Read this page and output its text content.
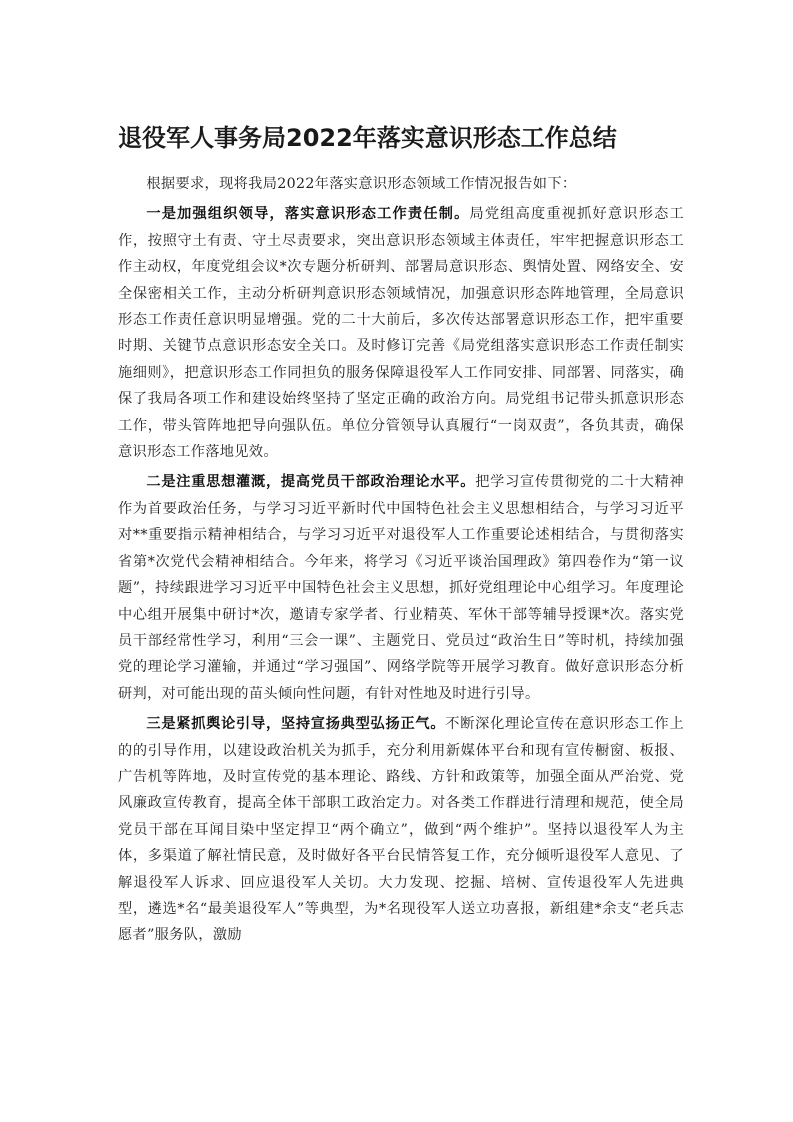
退役军人事务局2022年落实意识形态工作总结

根据要求，现将我局2022年落实意识形态领域工作情况报告如下：

一是加强组织领导，落实意识形态工作责任制。局党组高度重视抓好意识形态工作，按照守土有责、守土尽责要求，突出意识形态领域主体责任，牢牢把握意识形态工作主动权，年度党组会议*次专题分析研判、部署局意识形态、舆情处置、网络安全、安全保密相关工作，主动分析研判意识形态领域情况，加强意识形态阵地管理，全局意识形态工作责任意识明显增强。党的二十大前后，多次传达部署意识形态工作，把牢重要时期、关键节点意识形态安全关口。及时修订完善《局党组落实意识形态工作责任制实施细则》，把意识形态工作同担负的服务保障退役军人工作同安排、同部署、同落实，确保了我局各项工作和建设始终坚持了坚定正确的政治方向。局党组书记带头抓意识形态工作，带头管阵地把导向强队伍。单位分管领导认真履行“一岗双责”，各负其责，确保意识形态工作落地见效。

二是注重思想灌溉，提高党员干部政治理论水平。把学习宣传贯彻党的二十大精神作为首要政治任务，与学习习近平新时代中国特色社会主义思想相结合，与学习习近平对**重要指示精神相结合，与学习习近平对退役军人工作重要论述相结合，与贯彻落实省第*次党代会精神相结合。今年来，将学习《习近平谈治国理政》第四卷作为“第一议题”，持续跟进学习习近平中国特色社会主义思想，抓好党组理论中心组学习。年度理论中心组开展集中研讨*次，邀请专家学者、行业精英、军休干部等辅导授课*次。落实党员干部经常性学习，利用“三会一课”、主题党日、党员过“政治生日”等时机，持续加强党的理论学习灌输，并通过“学习强国”、网络学院等开展学习教育。做好意识形态分析研判，对可能出现的苗头倾向性问题，有针对性地及时进行引导。

三是紧抓舆论引导，坚持宣扬典型弘扬正气。不断深化理论宣传在意识形态工作上的的引导作用，以建设政治机关为抓手，充分利用新媒体平台和现有宣传橱窗、板报、广告机等阵地，及时宣传党的基本理论、路线、方针和政策等，加强全面从严治党、党风廉政宣传教育，提高全体干部职工政治定力。对各类工作群进行清理和规范，使全局党员干部在耳闻目染中坚定捍卫“两个确立”，做到“两个维护”。坚持以退役军人为主体，多渠道了解社情民意，及时做好各平台民情答复工作，充分倾听退役军人意见、了解退役军人诉求、回应退役军人关切。大力发现、挖掘、培树、宣传退役军人先进典型，遴选*名“最美退役军人”等典型，为*名现役军人送立功喜报，新组建*余支“老兵志愿者”服务队，激励
